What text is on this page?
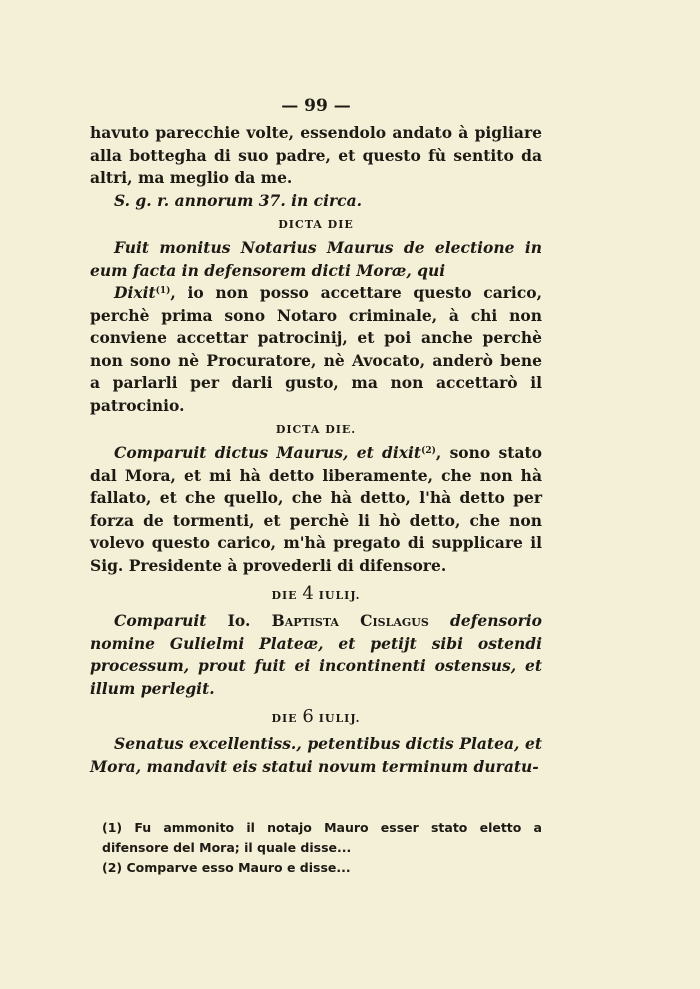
— 99 —

havuto parecchie volte, essendolo andato à pigliare alla bottegha di suo padre, et questo fù sentito da altri, ma meglio da me.

S. g. r. annorum 37. in circa.

DICTA DIE

Fuit monitus Notarius Maurus de electione in eum facta in defensorem dicti Moræ, qui

Dixit$^{(1)}$, io non posso accettare questo carico, perchè prima sono Notaro criminale, à chi non conviene accettar patrocinij, et poi anche perchè non sono nè Procuratore, nè Avocato, anderò bene a parlarli per darli gusto, ma non accettarò il patrocinio.

DICTA DIE.

Comparuit dictus Maurus, et dixit$^{(2)}$, sono stato dal Mora, et mi hà detto liberamente, che non hà fallato, et che quello, che hà detto, l'hà detto per forza de tormenti, et perchè li hò detto, che non volevo questo carico, m'hà pregato di supplicare il Sig. Presidente à provederli di difensore.

DIE 4 IULIJ.

Comparuit Io. Baptista Cislagus defensorio nomine Gulielmi Plateæ, et petijt sibi ostendi processum, prout fuit ei incontinenti ostensus, et illum perlegit.

DIE 6 IULIJ.

Senatus excellentiss., petentibus dictis Platea, et Mora, mandavit eis statui novum terminum duratu-

(1) Fu ammonito il notajo Mauro esser stato eletto a difensore del Mora; il quale disse...

(2) Comparve esso Mauro e disse...
